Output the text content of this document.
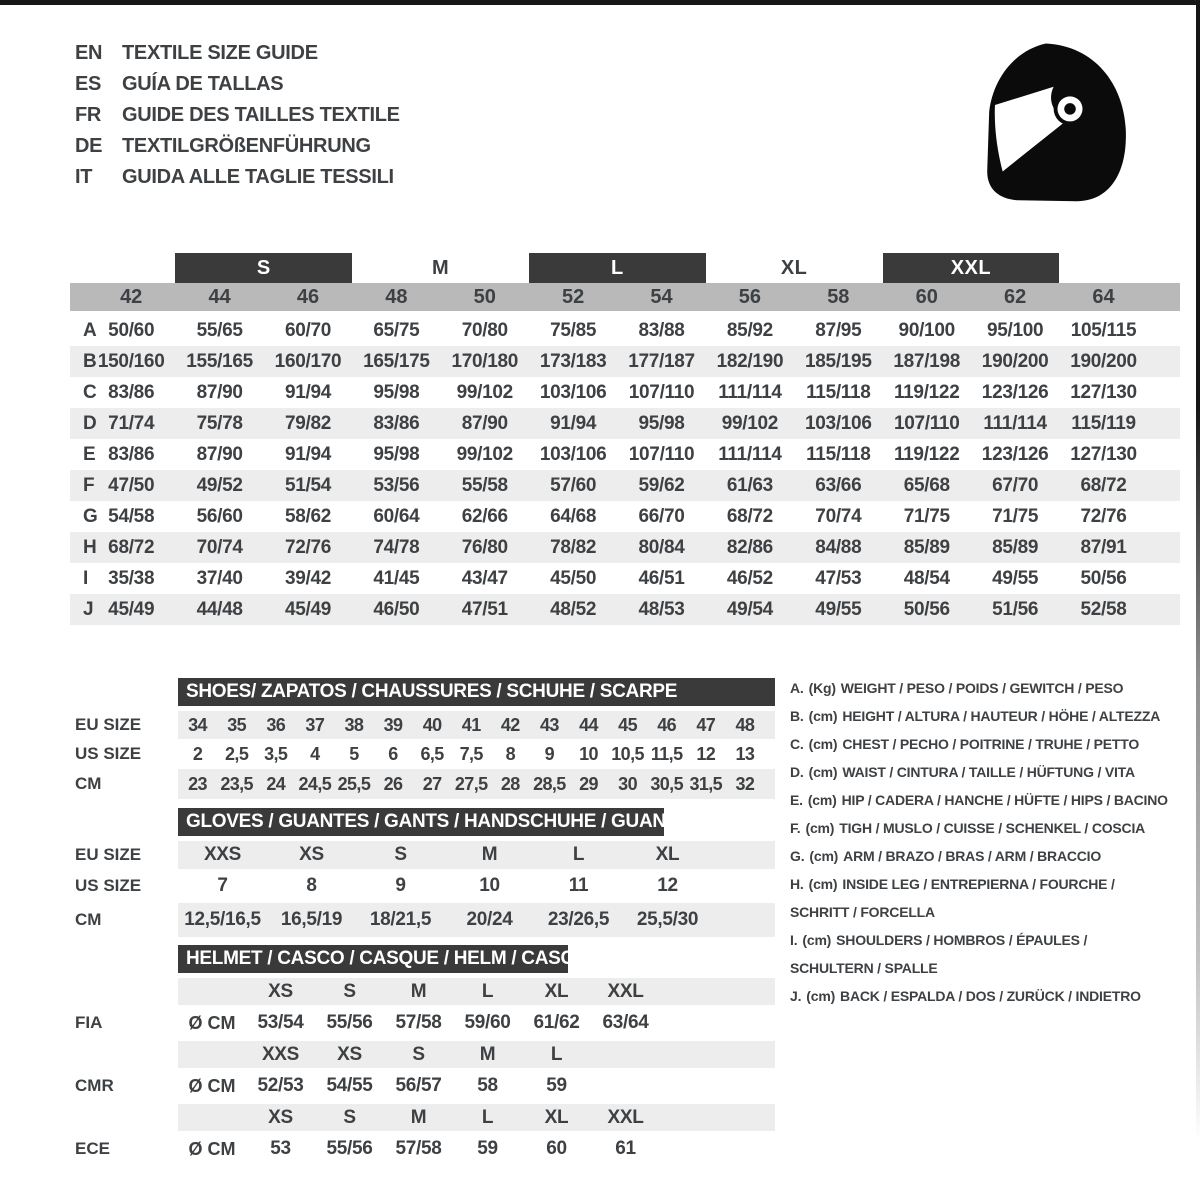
EN TEXTILE SIZE GUIDE
ES	GUÍA DE TALLAS
FR	GUIDE DES TAILLES TEXTILE
DE TEXTILGRÖßENFÜHRUNG
IT	GUIDA ALLE TAGLIE TESSILI
S	M	L	XL	XXL
42	44	46	48	50	52	54	56	58	60	62	64
A 50/60 55/65 60/70 65/75 70/80 75/85 83/88 85/92 87/95 90/100 95/100 105/115
B 150/160 155/165 160/170 165/175 170/180 173/183 177/187 182/190 185/195 187/198 190/200 190/200
C 83/86 87/90 91/94 95/98 99/102 103/106 107/110 111/114 115/118 119/122 123/126 127/130
D 71/74 75/78 79/82 83/86 87/90 91/94 95/98 99/102 103/106 107/110 111/114 115/119
E 83/86 87/90 91/94 95/98 99/102 103/106 107/110 111/114 115/118 119/122 123/126 127/130
F 47/50 49/52 51/54 53/56 55/58 57/60 59/62 61/63 63/66 65/68 67/70 68/72
G 54/58 56/60 58/62 60/64 62/66 64/68 66/70 68/72 70/74 71/75 71/75 72/76
H 68/72 70/74 72/76 74/78 76/80 78/82 80/84 82/86 84/88 85/89 85/89 87/91
I 35/38 37/40 39/42 41/45 43/47 45/50 46/51 46/52 47/53 48/54 49/55 50/56
J 45/49 44/48 45/49 46/50 47/51 48/52 48/53 49/54 49/55 50/56 51/56 52/58
SHOES/ ZAPATOS / CHAUSSURES / SCHUHE / SCARPE
EU SIZE	34 35 36 37 38 39 40 41 42 43 44 45 46 47 48
US SIZE	2 2,5 3,5 4 5 6 6,5 7,5 8 9 10 10,5 11,5 12 13
CM	23 23,5 24 24,5 25,5 26 27 27,5 28 28,5 29 30 30,5 31,5 32
GLOVES / GUANTES / GANTS / HANDSCHUHE / GUANTI
EU SIZE	XXS	XS	S	M	L	XL
US SIZE	7	8	9	10	11	12
CM	12,5/16,5 16,5/19 18/21,5 20/24 23/26,5 25,5/30
HELMET / CASCO / CASQUE / HELM / CASCO
XS	S	M	L	XL XXL
FIA	Ø CM	53/54 55/56 57/58 59/60 61/62 63/64
XXS XS	S	M	L
CMR	Ø CM	52/53 54/55 56/57 58	59
XS	S	M	L	XL XXL
ECE	Ø CM	53 55/56 57/58 59	60	61
A. (Kg) WEIGHT / PESO / POIDS / GEWITCH / PESO
B. (cm) HEIGHT / ALTURA / HAUTEUR / HÖHE / ALTEZZA
C. (cm) CHEST / PECHO / POITRINE / TRUHE / PETTO
D. (cm) WAIST / CINTURA / TAILLE / HÜFTUNG / VITA
E. (cm) HIP / CADERA / HANCHE / HÜFTE / HIPS / BACINO
F. (cm) TIGH / MUSLO / CUISSE / SCHENKEL / COSCIA
G. (cm) ARM / BRAZO / BRAS / ARM / BRACCIO
H. (cm) INSIDE LEG / ENTREPIERNA / FOURCHE / SCHRITT / FORCELLA
I. (cm) SHOULDERS / HOMBROS / ÉPAULES / SCHULTERN / SPALLE
J. (cm) BACK / ESPALDA / DOS / ZURÜCK / INDIETRO
